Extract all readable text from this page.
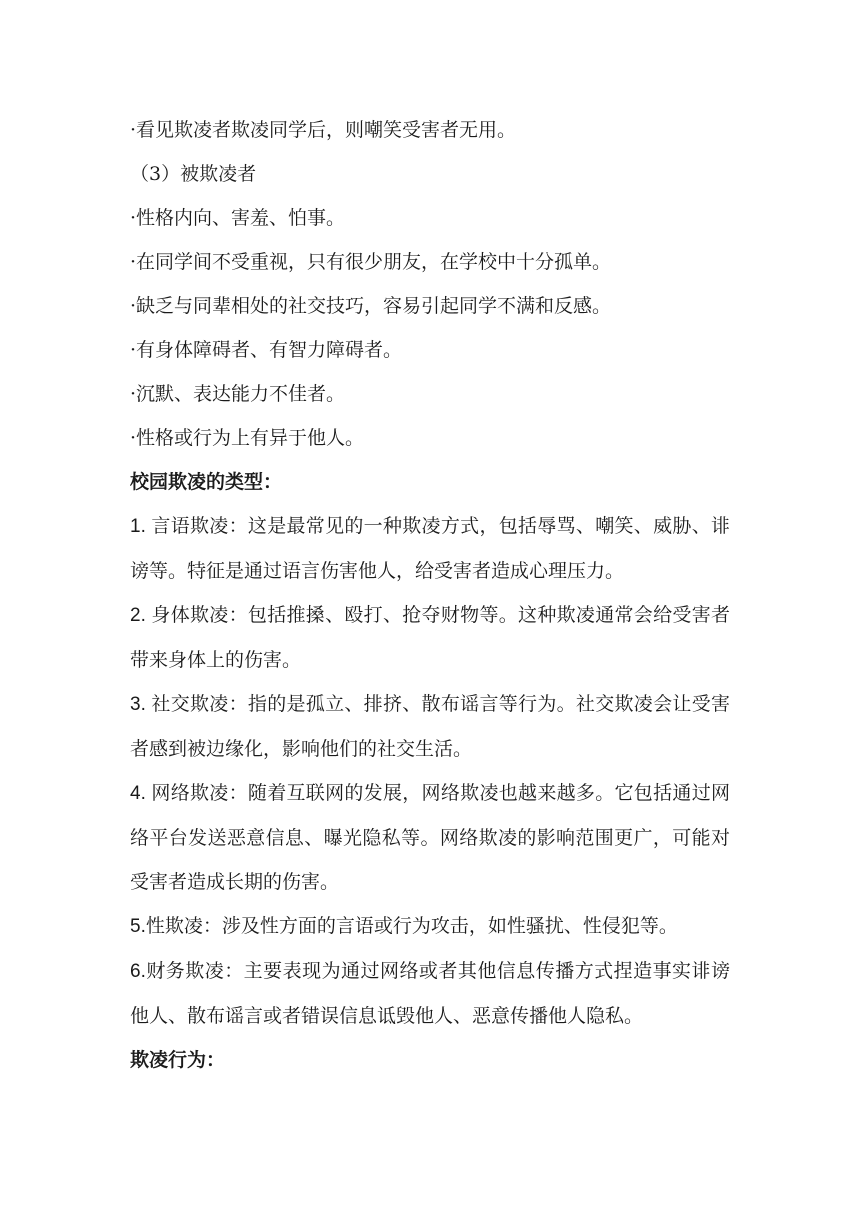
·看见欺凌者欺凌同学后，则嘲笑受害者无用。

（3）被欺凌者

·性格内向、害羞、怕事。

·在同学间不受重视，只有很少朋友，在学校中十分孤单。

·缺乏与同辈相处的社交技巧，容易引起同学不满和反感。

·有身体障碍者、有智力障碍者。

·沉默、表达能力不佳者。

·性格或行为上有异于他人。

校园欺凌的类型：

1. 言语欺凌：这是最常见的一种欺凌方式，包括辱骂、嘲笑、威胁、诽谤等。特征是通过语言伤害他人，给受害者造成心理压力。

2. 身体欺凌：包括推搡、殴打、抢夺财物等。这种欺凌通常会给受害者带来身体上的伤害。

3. 社交欺凌：指的是孤立、排挤、散布谣言等行为。社交欺凌会让受害者感到被边缘化，影响他们的社交生活。

4. 网络欺凌：随着互联网的发展，网络欺凌也越来越多。它包括通过网络平台发送恶意信息、曝光隐私等。网络欺凌的影响范围更广，可能对受害者造成长期的伤害。

5.性欺凌：涉及性方面的言语或行为攻击，如性骚扰、性侵犯等。

6.财务欺凌：主要表现为通过网络或者其他信息传播方式捏造事实诽谤他人、散布谣言或者错误信息诋毁他人、恶意传播他人隐私。

欺凌行为：
